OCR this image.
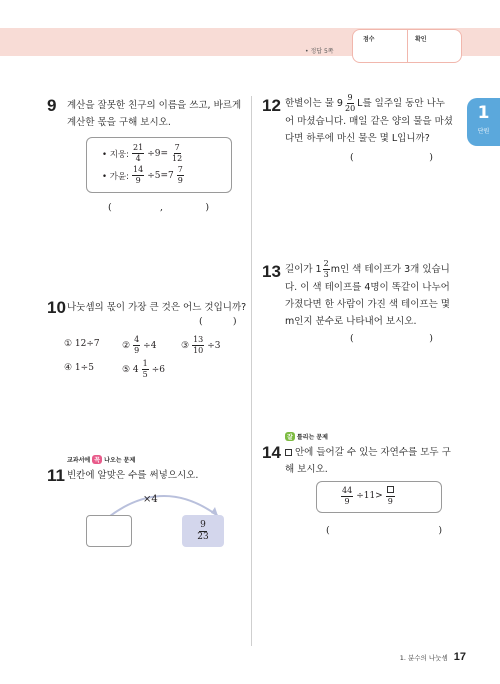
• 정답 5쪽
점수	확인
1
단원
9 계산을 잘못한 친구의 이름을 쓰고, 바르게
계산한 몫을 구해 보시오.
• 지웅: $\frac{21}{4} \div 9= \frac{7}{12}$
• 가윤: $\frac{14}{9} \div 5=7 \frac{7}{9}$
(                ,              )
10 나눗셈의 몫이 가장 큰 것은 어느 것입니까?
(          )
① 12÷7 ② $\frac{4}{9} \div 4$	③ $\frac{13}{10} \div 3$
④ 1÷5	⑤ $4 \frac{1}{5} \div 6$
교과서에 꼭 나오는 문제
11 빈칸에 알맞은 수를 써넣으시오.
×4
$\frac{9}{23}$
12 한별이는 물 $9 \frac{9}{20}$ L를 일주일 동안 나누
어 마셨습니다. 매일 같은 양의 물을 마셨
다면 하루에 마신 물은 몇 L입니까?
(                         )
13 길이가 $1 \frac{2}{3}$ m인 색 테이프가 3개 있습니
다. 이 색 테이프를 4명이 똑같이 나누어
가졌다면 한 사람이 가진 색 테이프는 몇
m인지 분수로 나타내어 보시오.
(                         )
잘 틀리는 문제
14 안에 들어갈 수 있는 자연수를 모두 구
해 보시오.
$\frac{44}{9} \div 11>$
9
(                                    )
1. 분수의 나눗셈 17
